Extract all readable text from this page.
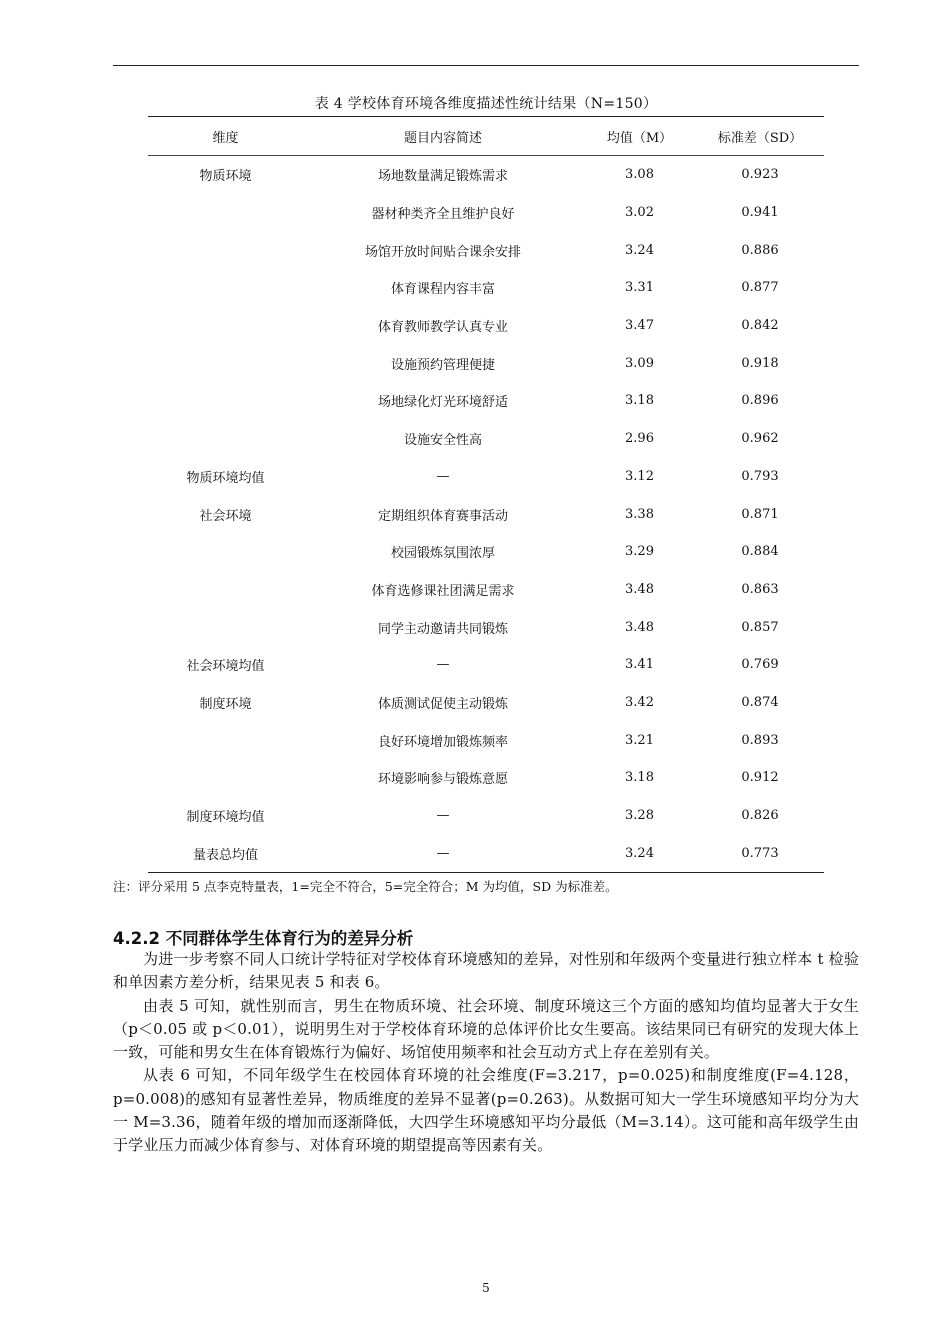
表 4 学校体育环境各维度描述性统计结果（N=150）
维度	题目内容简述	均值（M）	标准差（SD）
物质环境	场地数量满足锻炼需求	3.08	0.923
	器材种类齐全且维护良好	3.02	0.941
	场馆开放时间贴合课余安排	3.24	0.886
	体育课程内容丰富	3.31	0.877
	体育教师教学认真专业	3.47	0.842
	设施预约管理便捷	3.09	0.918
	场地绿化灯光环境舒适	3.18	0.896
	设施安全性高	2.96	0.962
物质环境均值	—	3.12	0.793
社会环境	定期组织体育赛事活动	3.38	0.871
	校园锻炼氛围浓厚	3.29	0.884
	体育选修课社团满足需求	3.48	0.863
	同学主动邀请共同锻炼	3.48	0.857
社会环境均值	—	3.41	0.769
制度环境	体质测试促使主动锻炼	3.42	0.874
	良好环境增加锻炼频率	3.21	0.893
	环境影响参与锻炼意愿	3.18	0.912
制度环境均值	—	3.28	0.826
量表总均值	—	3.24	0.773
注：评分采用 5 点李克特量表，1=完全不符合，5=完全符合；M 为均值，SD 为标准差。
4.2.2 不同群体学生体育行为的差异分析

为进一步考察不同人口统计学特征对学校体育环境感知的差异，对性别和年级两个变量进行独立样本 t 检验和单因素方差分析，结果见表 5 和表 6。

由表 5 可知，就性别而言，男生在物质环境、社会环境、制度环境这三个方面的感知均值均显著大于女生（p＜0.05 或 p＜0.01），说明男生对于学校体育环境的总体评价比女生要高。该结果同已有研究的发现大体上一致，可能和男女生在体育锻炼行为偏好、场馆使用频率和社会互动方式上存在差别有关。

从表 6 可知，不同年级学生在校园体育环境的社会维度(F=3.217，p=0.025)和制度维度(F=4.128，p=0.008)的感知有显著性差异，物质维度的差异不显著(p=0.263)。从数据可知大一学生环境感知平均分为大一 M=3.36，随着年级的增加而逐渐降低，大四学生环境感知平均分最低（M=3.14）。这可能和高年级学生由于学业压力而减少体育参与、对体育环境的期望提高等因素有关。

5
